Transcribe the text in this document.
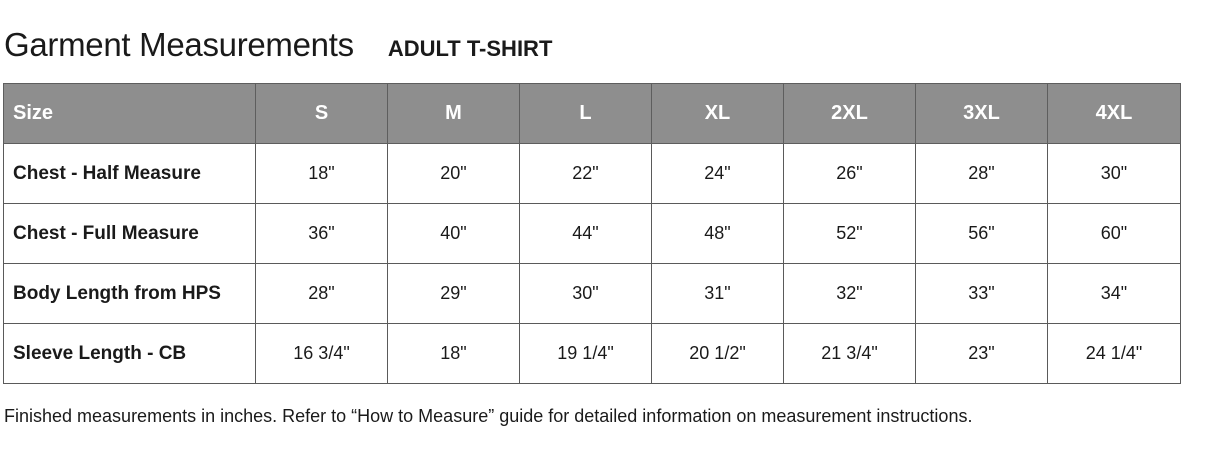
Garment Measurements ADULT T-SHIRT
Size	S	M	L	XL	2XL	3XL	4XL
Chest - Half Measure	18"	20"	22"	24"	26"	28"	30"
Chest - Full Measure	36"	40"	44"	48"	52"	56"	60"
Body Length from HPS	28"	29"	30"	31"	32"	33"	34"
Sleeve Length - CB	16 3/4"	18"	19 1/4"	20 1/2"	21 3/4"	23"	24 1/4"
Finished measurements in inches. Refer to “How to Measure” guide for detailed information on measurement instructions.
